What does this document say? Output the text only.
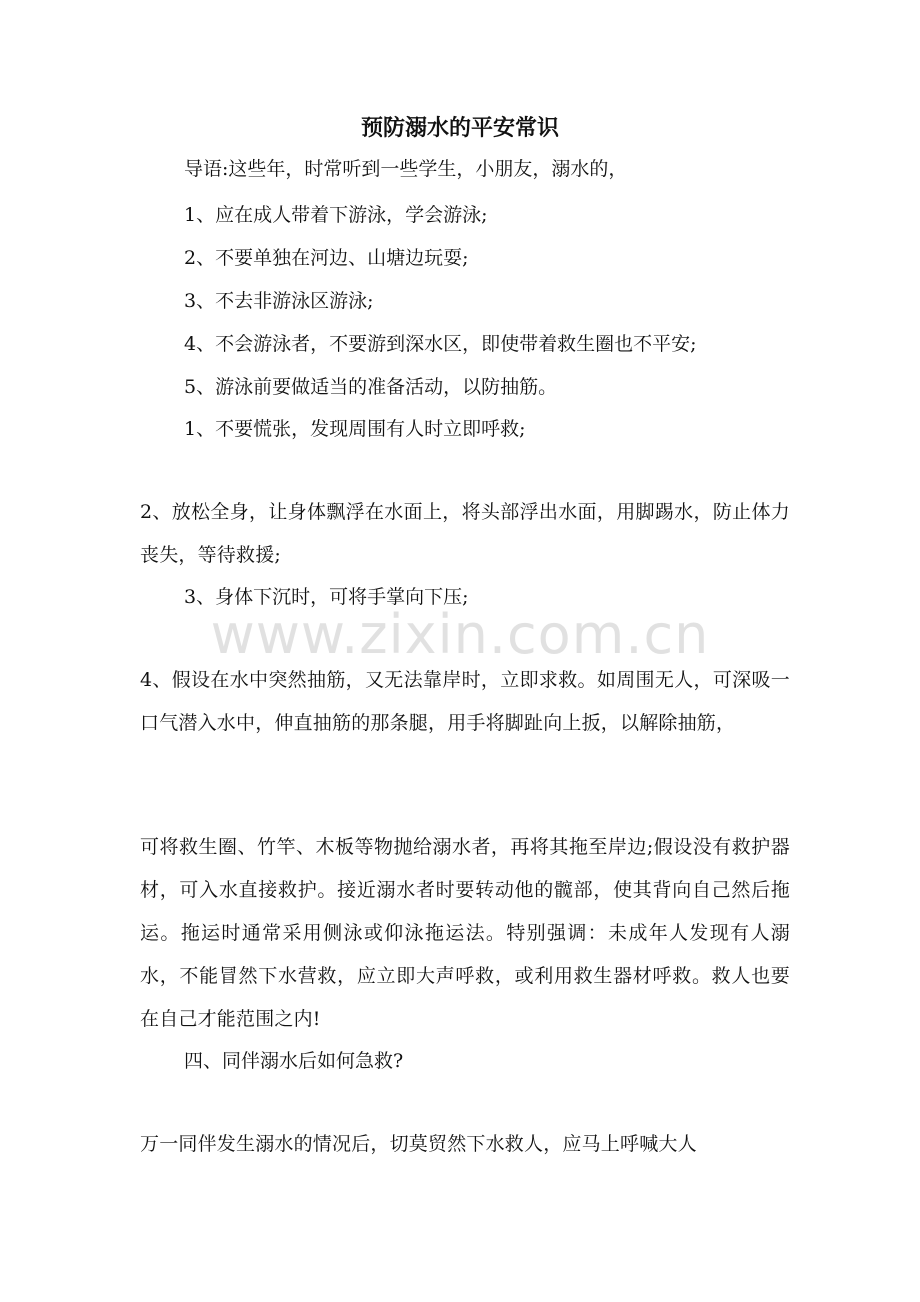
预防溺水的平安常识

导语:这些年，时常听到一些学生，小朋友，溺水的，

1、应在成人带着下游泳，学会游泳;

2、不要单独在河边、山塘边玩耍;

3、不去非游泳区游泳;

4、不会游泳者，不要游到深水区，即使带着救生圈也不平安;

5、游泳前要做适当的准备活动，以防抽筋。

1、不要慌张，发现周围有人时立即呼救;

2、放松全身，让身体飘浮在水面上，将头部浮出水面，用脚踢水，防止体力丧失，等待救援;

3、身体下沉时，可将手掌向下压;

4、假设在水中突然抽筋，又无法靠岸时，立即求救。如周围无人，可深吸一口气潜入水中，伸直抽筋的那条腿，用手将脚趾向上扳，以解除抽筋，

可将救生圈、竹竿、木板等物抛给溺水者，再将其拖至岸边;假设没有救护器材，可入水直接救护。接近溺水者时要转动他的髋部，使其背向自己然后拖运。拖运时通常采用侧泳或仰泳拖运法。特别强调：未成年人发现有人溺水，不能冒然下水营救，应立即大声呼救，或利用救生器材呼救。救人也要在自己才能范围之内!

四、同伴溺水后如何急救?

万一同伴发生溺水的情况后，切莫贸然下水救人，应马上呼喊大人

www.zixin.com.cn
